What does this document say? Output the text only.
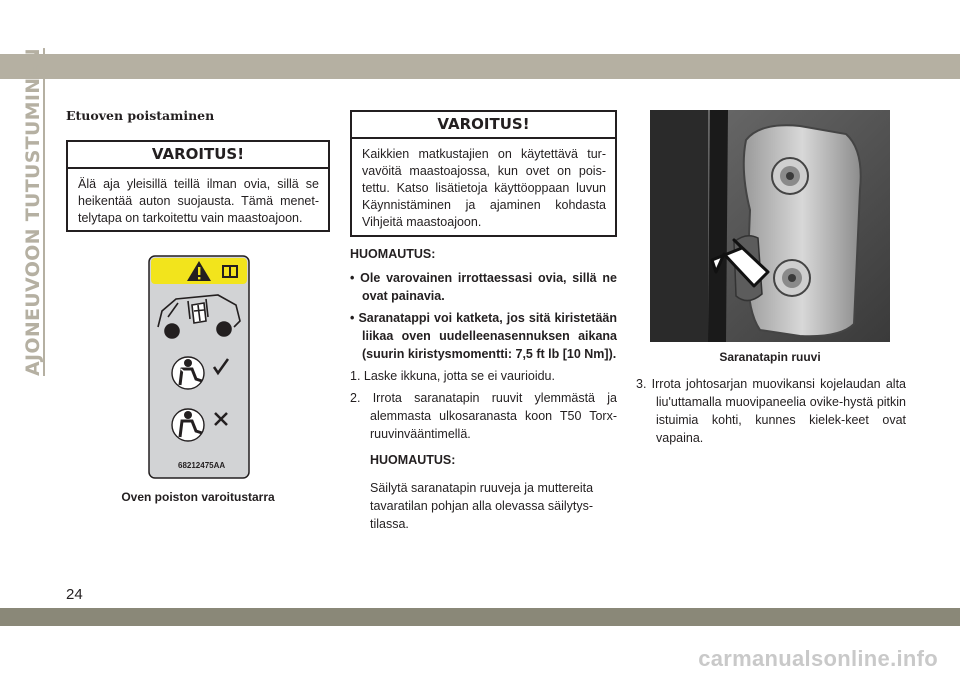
AJONEUVOON TUTUSTUMINEN Etuoven poistaminen
VAROITUS!
Älä aja yleisillä teillä ilman ovia, sillä se heikentää auton suojausta. Tämä menet-telytapa on tarkoitettu vain maastoajoon.
68212475AA
Oven poiston varoitustarra
VAROITUS!
Kaikkien matkustajien on käytettävä tur-vavöitä maastoajossa, kun ovet on pois-tettu. Katso lisätietoja käyttöoppaan luvun Käynnistäminen ja ajaminen kohdasta Vihjeitä maastoajoon.
HUOMAUTUS:
• Ole varovainen irrottaessasi ovia, sillä ne ovat painavia.
• Saranatappi voi katketa, jos sitä kiristetään liikaa oven uudelleenasennuksen aikana (suurin kiristysmomentti: 7,5 ft lb [10 Nm]).
1. Laske ikkuna, jotta se ei vaurioidu.
2. Irrota saranatapin ruuvit ylemmästä ja alemmasta ulkosaranasta koon T50 Torx-ruuvinvääntimellä.
HUOMAUTUS:
Säilytä saranatapin ruuveja ja muttereita tavaratilan pohjan alla olevassa säilytys-tilassa.
Saranatapin ruuvi
3. Irrota johtosarjan muovikansi kojelaudan alta liu'uttamalla muovipaneelia ovike-hystä pitkin istuimia kohti, kunnes kielek-keet ovat vapaina.
24
carmanualsonline.info
